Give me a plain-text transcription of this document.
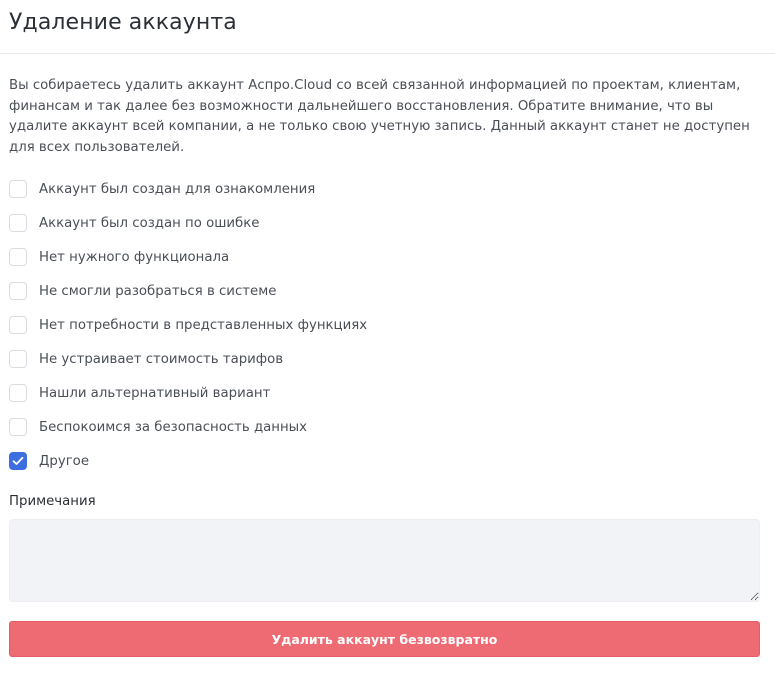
Удаление аккаунта

Вы собираетесь удалить аккаунт Аспро.Cloud со всей связанной информацией по проектам, клиентам, финансам и так далее без возможности дальнейшего восстановления. Обратите внимание, что вы удалите аккаунт всей компании, а не только свою учетную запись. Данный аккаунт станет не доступен для всех пользователей.

Аккаунт был создан для ознакомления
Аккаунт был создан по ошибке
Нет нужного функционала
Не смогли разобраться в системе
Нет потребности в представленных функциях
Не устраивает стоимость тарифов
Нашли альтернативный вариант
Беспокоимся за безопасность данных
Другое
Примечания
Удалить аккаунт безвозвратно
